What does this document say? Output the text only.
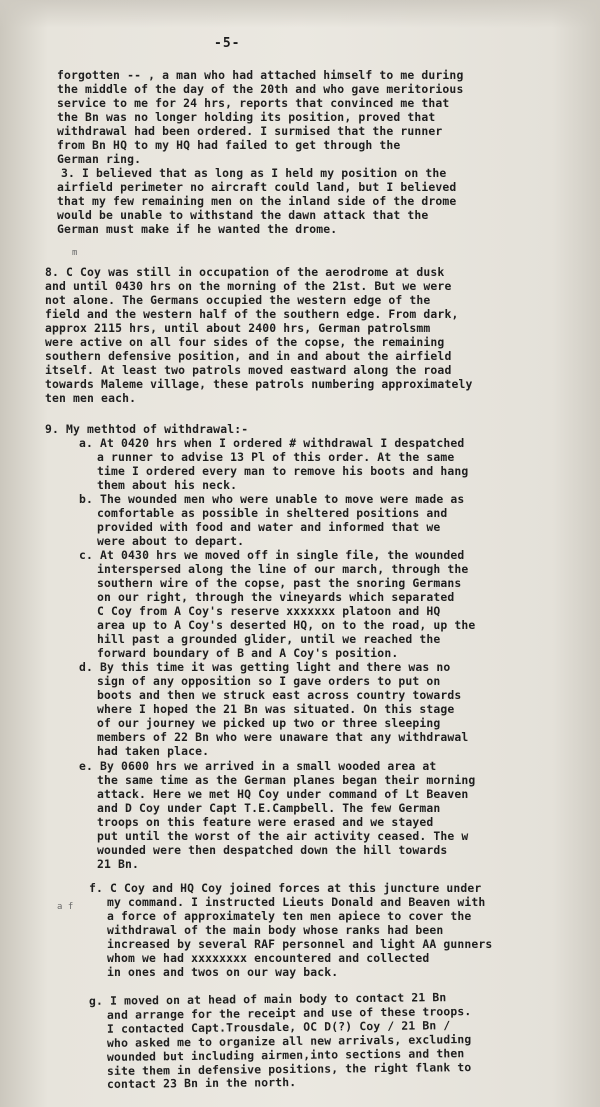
-5-
m
a f
forgotten -- , a man who had attached himself to me during
the middle of the day of the 20th and who gave meritorious
service to me for 24 hrs, reports that convinced me that
the Bn was no longer holding its position, proved that
withdrawal had been ordered. I surmised that the runner
from Bn HQ to my HQ had failed to get through the
German ring.
3. I believed that as long as I held my position on the
airfield perimeter no aircraft could land, but I believed
that my few remaining men on the inland side of the drome
would be unable to withstand the dawn attack that the
German must make if he wanted the drome.
8. C Coy was still in occupation of the aerodrome at dusk
and until 0430 hrs on the morning of the 21st. But we were
not alone. The Germans occupied the western edge of the
field and the western half of the southern edge. From dark,
approx 2115 hrs, until about 2400 hrs, German patrolsmm
were active on all four sides of the copse, the remaining
southern defensive position, and in and about the airfield
itself. At least two patrols moved eastward along the road
towards Maleme village, these patrols numbering approximately
ten men each.
9. My methtod of withdrawal:-
a. At 0420 hrs when I ordered # withdrawal I despatched
a runner to advise 13 Pl of this order. At the same
time I ordered every man to remove his boots and hang
them about his neck.
b. The wounded men who were unable to move were made as
comfortable as possible in sheltered positions and
provided with food and water and informed that we
were about to depart.
c. At 0430 hrs we moved off in single file, the wounded
interspersed along the line of our march, through the
southern wire of the copse, past the snoring Germans
on our right, through the vineyards which separated
C Coy from A Coy's reserve xxxxxxx platoon and HQ
area up to A Coy's deserted HQ, on to the road, up the
hill past a grounded glider, until we reached the
forward boundary of B and A Coy's position.
d. By this time it was getting light and there was no
sign of any opposition so I gave orders to put on
boots and then we struck east across country towards
where I hoped the 21 Bn was situated. On this stage
of our journey we picked up two or three sleeping
members of 22 Bn who were unaware that any withdrawal
had taken place.
e. By 0600 hrs we arrived in a small wooded area at
the same time as the German planes began their morning
attack. Here we met HQ Coy under command of Lt Beaven
and D Coy under Capt T.E.Campbell. The few German
troops on this feature were erased and we stayed
put until the worst of the air activity ceased. The w
wounded were then despatched down the hill towards
21 Bn.
f. C Coy and HQ Coy joined forces at this juncture under
my command. I instructed Lieuts Donald and Beaven with
a force of approximately ten men apiece to cover the
withdrawal of the main body whose ranks had been
increased by several RAF personnel and light AA gunners
whom we had xxxxxxxx encountered and collected
in ones and twos on our way back.
g. I moved on at head of main body to contact 21 Bn
and arrange for the receipt and use of these troops.
I contacted Capt.Trousdale, OC D(?) Coy / 21 Bn /
who asked me to organize all new arrivals, excluding
wounded but including airmen,into sections and then
site them in defensive positions, the right flank to
contact 23 Bn in the north.
